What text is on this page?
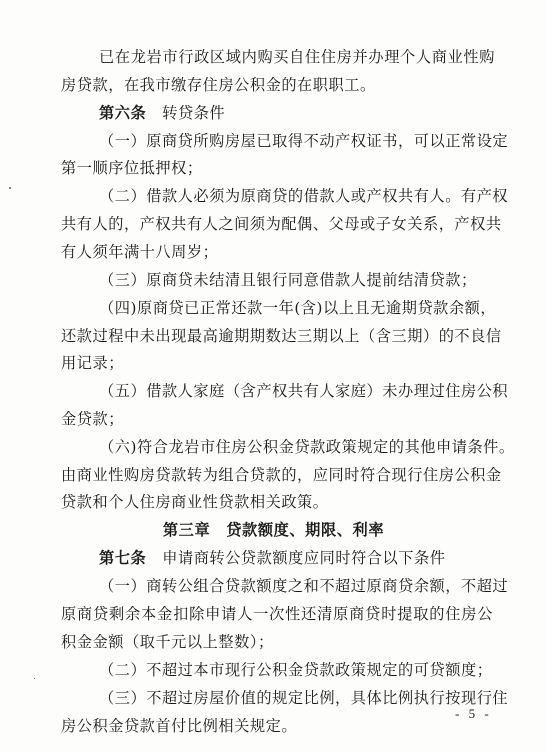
已在龙岩市行政区域内购买自住住房并办理个人商业性购
房贷款，在我市缴存住房公积金的在职职工。
第六条 转贷条件
（一）原商贷所购房屋已取得不动产权证书，可以正常设定
第一顺序位抵押权；
（二）借款人必须为原商贷的借款人或产权共有人。有产权
共有人的，产权共有人之间须为配偶、父母或子女关系，产权共
有人须年满十八周岁；
（三）原商贷未结清且银行同意借款人提前结清贷款；
（四)原商贷已正常还款一年(含)以上且无逾期贷款余额，
还款过程中未出现最高逾期期数达三期以上（含三期）的不良信
用记录；
（五）借款人家庭（含产权共有人家庭）未办理过住房公积
金贷款；
（六)符合龙岩市住房公积金贷款政策规定的其他申请条件。
由商业性购房贷款转为组合贷款的，应同时符合现行住房公积金
贷款和个人住房商业性贷款相关政策。
第三章 贷款额度、期限、利率
第七条 申请商转公贷款额度应同时符合以下条件
（一）商转公组合贷款额度之和不超过原商贷余额，不超过
原商贷剩余本金扣除申请人一次性还清原商贷时提取的住房公
积金金额（取千元以上整数）；
（二）不超过本市现行公积金贷款政策规定的可贷额度；
（三）不超过房屋价值的规定比例，具体比例执行按现行住
房公积金贷款首付比例相关规定。
- 5 -
